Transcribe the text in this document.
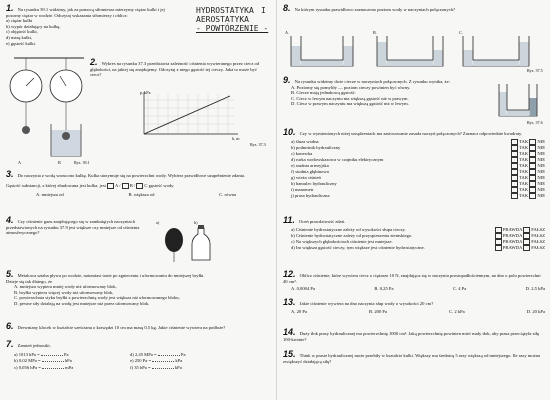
1. Na rysunku 39.1 widzimy, jak za pomocą siłomierza mierzymy ciężar kulki i jej pozorny ciężar w wodzie. Odczytaj wskazania siłomierzy i oblicz:
a) ciężar kulki
b) wypór działający na kulkę,
c) objętość kulki,
d) masę kulki,
e) gęstość kulki.
HYDROSTATYKA
AEROSTATYKA
- POWTÓRZENIE -
I
A	B	Rys. 39.1
2. Wykres na rysunku 37.3 przedstawia zależność ciśnienia wywieranego przez ciecz od głębokości, na jakiej się znajdujemy. Odczytaj z niego gęstość tej cieczy. Jaka to może być ciecz?
p, kPa
h, m
Rys. 37.3
3. Do naczynia z wodą wrzucono kulkę. Kulka utrzymuje się na powierzchni wody. Wybierz prawidłowe uzupełnienie zdania.
Gęstość substancji, z której zbudowana jest kulka, jest A / B / C gęstość wody.
A. mniejsza od	B. większa od	C. równa
4. Czy ciśnienie gazu znajdującego się w zamkniętych naczyniach przedstawionych na rysunku 37.9 jest większe czy mniejsze od ciśnienia atmosferycznego?
a)	b)
5. Metalowa sztaba pływa po wodzie, natomiast tonie po zgnieceniu i uformowaniu do mniejszej bryłki. Dzieje się tak dlatego, że
A. mniejsza wypiera mniej wody niż uformowany blok,
B. bryłka wypiera więcej wody niż uformowany blok,
C. powierzchnia styku bryłki z powierzchnią wody jest większa niż uformowanego bloku,
D. pewne siły działają na wodę jest mniejsze niż przez uformowany blok.
6. Drewniany klocek w kształcie sześcianu o krawędzi 10 cm ma masę 0,5 kg. Jakie ciśnienie wywiera na podłoże?
7. Zamień jednostki.
a) 1013 hPa =	Pa	d) 2,45 MPa =	Pa
b) 0,02 MPa =	hPa	e) 250 Pa =	kPa
c) 0,056 hPa =	mPa	f) 35 hPa =	kPa
8. Na którym rysunku prawidłowo zaznaczono poziom wody w naczyniach połączonych?
A.	B.	C.
Rys. 37.5
9. Na rysunku widzimy dwie ciecze w naczyniach połączonych. Z rysunku wynika, że:
A. Poziomy się pomyliły — poziom cieczy powinien być równy.
B. Ciecze mają jednakową gęstość.
C. Ciecz w lewym naczyniu ma większą gęstość niż w prawym.
D. Ciecz w prawym naczyniu ma większą gęstość niż w lewym.
Rys. 37.6
10. Czy w wymienionych niżej urządzeniach ma zastosowanie zasada naczyń połączonych? Zaznacz odpowiednie kwadraty.
a) śluza wodna	TAK NIE
b) podnośnik hydrauliczny	TAK NIE
c) konewka	TAK NIE
d) rurka wodowskazowa w czajniku elektrycznym	TAK NIE
e) studnia artezyjska	TAK NIE
f) studnia głębinowa	TAK NIE
g) wieża ciśnień	TAK NIE
h) hamulec hydrauliczny	TAK NIE
i) manometr	TAK NIE
j) prasa hydrauliczna	TAK NIE
11. Oceń prawdziwość zdań.
a) Ciśnienie hydrostatyczne zależy od wysokości słupa cieczy.	PRAWDA FAŁSZ
b) Ciśnienie hydrostatyczne zależy od przyspieszenia ziemskiego.	PRAWDA FAŁSZ
c) Na większych głębokościach ciśnienie jest mniejsze.	PRAWDA FAŁSZ
d) Im większa gęstość cieczy, tym większe jest ciśnienie hydrostatyczne.	PRAWDA FAŁSZ
12. Oblicz ciśnienie, które wywiera ciecz o ciężarze 10 N, znajdująca się w naczyniu prostopadłościennym, na dno o polu powierzchni 40 cm².
A. 0,0004 Pa	B. 0,25 Pa	C. 4 Pa	D. 2,5 kPa
13. Jakie ciśnienie wywiera na dno naczynia słup wody o wysokości 20 cm?
A. 20 Pa	B. 200 Pa	C. 2 kPa	D. 20 kPa
14. Duży tłok prasy hydraulicznej ma powierzchnię 1000 cm². Jaką powierzchnię powinien mieć mały tłok, aby prasa przeciążyła siłę 100-krotnie?
15. Think w prasie hydraulicznej może przebiły w kształcie kulki. Większy ma średnicę 5 razy większą od mniejszego. Ile razy można zwiększyć działającą siłę?
